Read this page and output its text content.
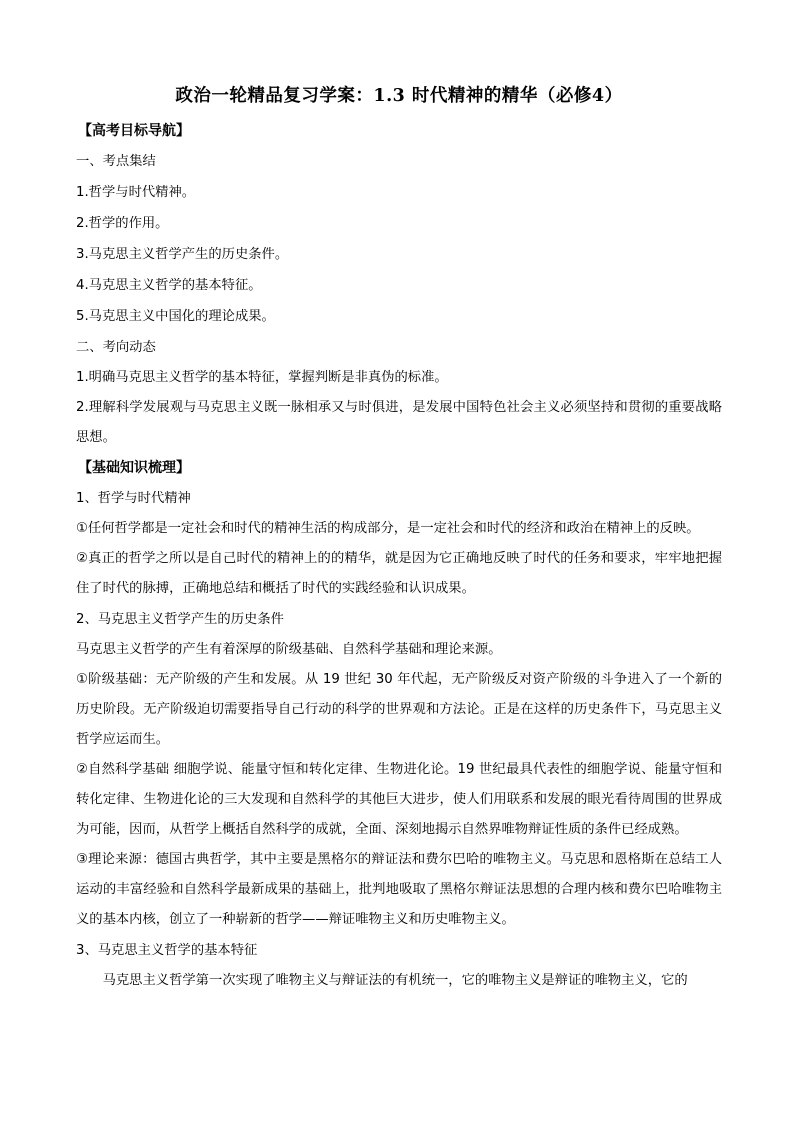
政治一轮精品复习学案：1.3 时代精神的精华（必修4）
【高考目标导航】

一、考点集结

1.哲学与时代精神。

2.哲学的作用。

3.马克思主义哲学产生的历史条件。

4.马克思主义哲学的基本特征。

5.马克思主义中国化的理论成果。

二、考向动态

1.明确马克思主义哲学的基本特征，掌握判断是非真伪的标准。

2.理解科学发展观与马克思主义既一脉相承又与时俱进，是发展中国特色社会主义必须坚持和贯彻的重要战略思想。

【基础知识梳理】

1、哲学与时代精神

①任何哲学都是一定社会和时代的精神生活的构成部分，是一定社会和时代的经济和政治在精神上的反映。

②真正的哲学之所以是自己时代的精神上的的精华，就是因为它正确地反映了时代的任务和要求，牢牢地把握住了时代的脉搏，正确地总结和概括了时代的实践经验和认识成果。

2、马克思主义哲学产生的历史条件

马克思主义哲学的产生有着深厚的阶级基础、自然科学基础和理论来源。

①阶级基础：无产阶级的产生和发展。从 19 世纪 30 年代起，无产阶级反对资产阶级的斗争进入了一个新的历史阶段。无产阶级迫切需要指导自己行动的科学的世界观和方法论。正是在这样的历史条件下，马克思主义哲学应运而生。

②自然科学基础 细胞学说、能量守恒和转化定律、生物进化论。19 世纪最具代表性的细胞学说、能量守恒和转化定律、生物进化论的三大发现和自然科学的其他巨大进步，使人们用联系和发展的眼光看待周围的世界成为可能，因而，从哲学上概括自然科学的成就，全面、深刻地揭示自然界唯物辩证性质的条件已经成熟。

③理论来源：德国古典哲学，其中主要是黑格尔的辩证法和费尔巴哈的唯物主义。马克思和恩格斯在总结工人运动的丰富经验和自然科学最新成果的基础上，批判地吸取了黑格尔辩证法思想的合理内核和费尔巴哈唯物主义的基本内核，创立了一种崭新的哲学——辩证唯物主义和历史唯物主义。

3、马克思主义哲学的基本特征

马克思主义哲学第一次实现了唯物主义与辩证法的有机统一，它的唯物主义是辩证的唯物主义，它的
